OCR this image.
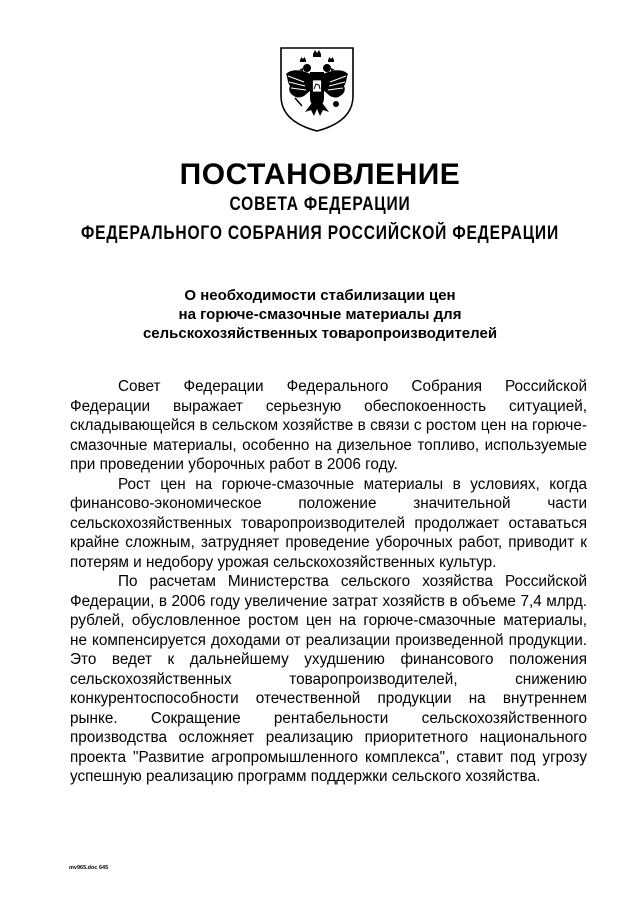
ПОСТАНОВЛЕНИЕ
СОВЕТА ФЕДЕРАЦИИ
ФЕДЕРАЛЬНОГО СОБРАНИЯ РОССИЙСКОЙ ФЕДЕРАЦИИ
О необходимости стабилизации цен
на горюче-смазочные материалы для
сельскохозяйственных товаропроизводителей

Совет Федерации Федерального Собрания Российской Федерации выражает серьезную обеспокоенность ситуацией, складывающейся в сельском хозяйстве в связи с ростом цен на горюче-смазочные материалы, особенно на дизельное топливо, используемые при проведении уборочных работ в 2006 году.

Рост цен на горюче-смазочные материалы в условиях, когда финансово-экономическое положение значительной части сельскохозяйственных товаропроизводителей продолжает оставаться крайне сложным, затрудняет проведение уборочных работ, приводит к потерям и недобору урожая сельскохозяйственных культур.

По расчетам Министерства сельского хозяйства Российской Федерации, в 2006 году увеличение затрат хозяйств в объеме 7,4 млрд. рублей, обусловленное ростом цен на горюче-смазочные материалы, не компенсируется доходами от реализации произведенной продукции. Это ведет к дальнейшему ухудшению финансового положения сельскохозяйственных товаропроизводителей, снижению конкурентоспособности отечественной продукции на внутреннем рынке. Сокращение рентабельности сельскохозяйственного производства осложняет реализацию приоритетного национального проекта "Развитие агропромышленного комплекса", ставит под угрозу успешную реализацию программ поддержки сельского хозяйства.

mv965.doc 645
